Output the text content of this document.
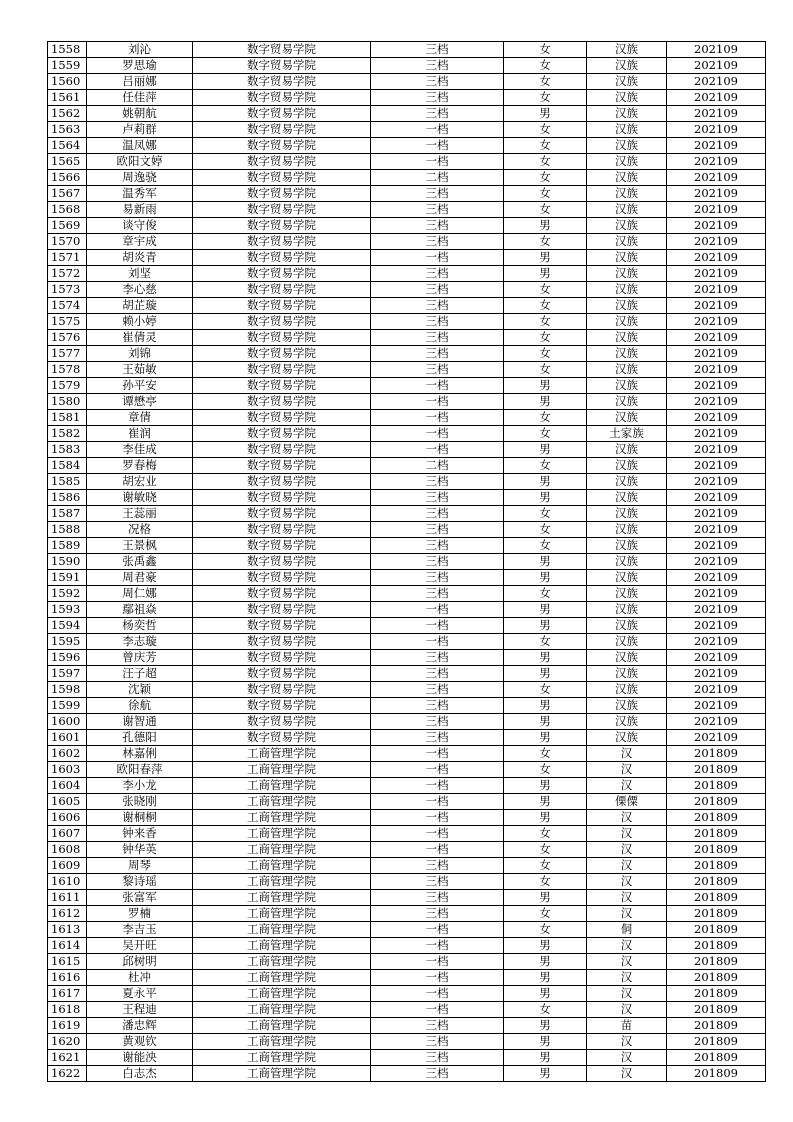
1558	刘沁	数字贸易学院	三档	女	汉族	202109
1559	罗思瑜	数字贸易学院	三档	女	汉族	202109
1560	吕丽娜	数字贸易学院	三档	女	汉族	202109
1561	任佳萍	数字贸易学院	三档	女	汉族	202109
1562	姚朝航	数字贸易学院	三档	男	汉族	202109
1563	卢莉群	数字贸易学院	一档	女	汉族	202109
1564	温凤娜	数字贸易学院	一档	女	汉族	202109
1565	欧阳文婷	数字贸易学院	一档	女	汉族	202109
1566	周逸骁	数字贸易学院	二档	女	汉族	202109
1567	温秀军	数字贸易学院	三档	女	汉族	202109
1568	易新雨	数字贸易学院	三档	女	汉族	202109
1569	谈守俊	数字贸易学院	三档	男	汉族	202109
1570	章宇成	数字贸易学院	三档	女	汉族	202109
1571	胡炎青	数字贸易学院	一档	男	汉族	202109
1572	刘坚	数字贸易学院	三档	男	汉族	202109
1573	李心慈	数字贸易学院	三档	女	汉族	202109
1574	胡芷璇	数字贸易学院	三档	女	汉族	202109
1575	赖小婷	数字贸易学院	三档	女	汉族	202109
1576	崔倩灵	数字贸易学院	三档	女	汉族	202109
1577	刘锦	数字贸易学院	三档	女	汉族	202109
1578	王茹敏	数字贸易学院	三档	女	汉族	202109
1579	孙平安	数字贸易学院	一档	男	汉族	202109
1580	谭懋亭	数字贸易学院	一档	男	汉族	202109
1581	章倩	数字贸易学院	一档	女	汉族	202109
1582	崔润	数字贸易学院	一档	女	土家族	202109
1583	李佳成	数字贸易学院	一档	男	汉族	202109
1584	罗春梅	数字贸易学院	二档	女	汉族	202109
1585	胡宏业	数字贸易学院	三档	男	汉族	202109
1586	谢敏晓	数字贸易学院	三档	男	汉族	202109
1587	王蕊丽	数字贸易学院	三档	女	汉族	202109
1588	况格	数字贸易学院	三档	女	汉族	202109
1589	王景枫	数字贸易学院	三档	女	汉族	202109
1590	张禹鑫	数字贸易学院	三档	男	汉族	202109
1591	周君豪	数字贸易学院	三档	男	汉族	202109
1592	周仁娜	数字贸易学院	三档	女	汉族	202109
1593	鄢祖焱	数字贸易学院	一档	男	汉族	202109
1594	杨奕哲	数字贸易学院	一档	男	汉族	202109
1595	李志璇	数字贸易学院	一档	女	汉族	202109
1596	曾庆芳	数字贸易学院	三档	男	汉族	202109
1597	汪子超	数字贸易学院	三档	男	汉族	202109
1598	沈颖	数字贸易学院	三档	女	汉族	202109
1599	徐航	数字贸易学院	三档	男	汉族	202109
1600	谢智通	数字贸易学院	三档	男	汉族	202109
1601	孔德阳	数字贸易学院	三档	男	汉族	202109
1602	林嘉俐	工商管理学院	一档	女	汉	201809
1603	欧阳春萍	工商管理学院	一档	女	汉	201809
1604	李小龙	工商管理学院	一档	男	汉	201809
1605	张晓刚	工商管理学院	一档	男	傈僳	201809
1606	谢桐桐	工商管理学院	一档	男	汉	201809
1607	钟来香	工商管理学院	一档	女	汉	201809
1608	钟华英	工商管理学院	一档	女	汉	201809
1609	周琴	工商管理学院	三档	女	汉	201809
1610	黎诗瑶	工商管理学院	三档	女	汉	201809
1611	张富军	工商管理学院	三档	男	汉	201809
1612	罗楠	工商管理学院	三档	女	汉	201809
1613	李吉玉	工商管理学院	一档	女	侗	201809
1614	吴开旺	工商管理学院	一档	男	汉	201809
1615	邱树明	工商管理学院	一档	男	汉	201809
1616	杜冲	工商管理学院	一档	男	汉	201809
1617	夏永平	工商管理学院	一档	男	汉	201809
1618	王程迪	工商管理学院	一档	女	汉	201809
1619	潘忠辉	工商管理学院	三档	男	苗	201809
1620	黄观钦	工商管理学院	三档	男	汉	201809
1621	谢能泱	工商管理学院	三档	男	汉	201809
1622	白志杰	工商管理学院	三档	男	汉	201809
